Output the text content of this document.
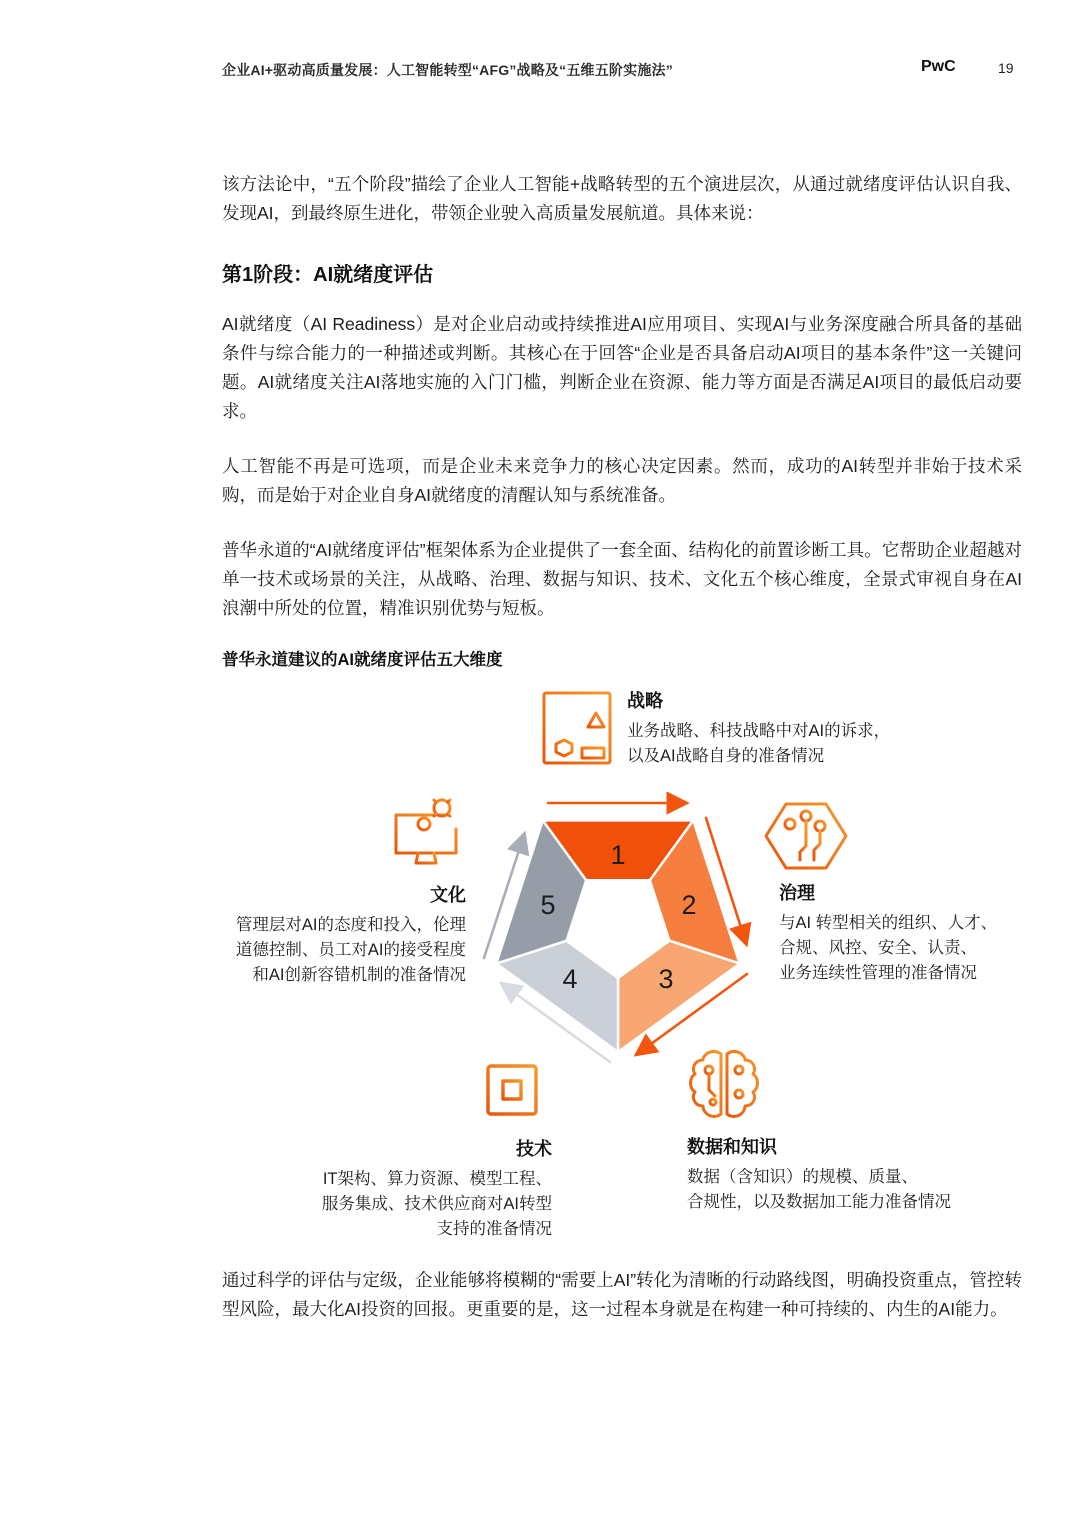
企业AI+驱动高质量发展：人工智能转型“AFG”战略及“五维五阶实施法”	PwC	19
该方法论中，“五个阶段”描绘了企业人工智能+战略转型的五个演进层次，从通过就绪度评估认识自我、发现AI，到最终原生进化，带领企业驶入高质量发展航道。具体来说：
第1阶段：AI就绪度评估
AI就绪度（AI Readiness）是对企业启动或持续推进AI应用项目、实现AI与业务深度融合所具备的基础条件与综合能力的一种描述或判断。其核心在于回答“企业是否具备启动AI项目的基本条件”这一关键问题。AI就绪度关注AI落地实施的入门门槛，判断企业在资源、能力等方面是否满足AI项目的最低启动要求。
人工智能不再是可选项，而是企业未来竞争力的核心决定因素。然而，成功的AI转型并非始于技术采购，而是始于对企业自身AI就绪度的清醒认知与系统准备。
普华永道的“AI就绪度评估”框架体系为企业提供了一套全面、结构化的前置诊断工具。它帮助企业超越对单一技术或场景的关注，从战略、治理、数据与知识、技术、文化五个核心维度，全景式审视自身在AI浪潮中所处的位置，精准识别优势与短板。
普华永道建议的AI就绪度评估五大维度
战略
业务战略、科技战略中对AI的诉求，
以及AI战略自身的准备情况
治理
与AI 转型相关的组织、人才、
合规、风控、安全、认责、
业务连续性管理的准备情况
文化
管理层对AI的态度和投入，伦理
道德控制、员工对AI的接受程度
和AI创新容错机制的准备情况
技术
IT架构、算力资源、模型工程、
服务集成、技术供应商对AI转型
支持的准备情况
数据和知识
数据（含知识）的规模、质量、
合规性，以及数据加工能力准备情况
1
2
3
4
5
通过科学的评估与定级，企业能够将模糊的“需要上AI”转化为清晰的行动路线图，明确投资重点，管控转型风险，最大化AI投资的回报。更重要的是，这一过程本身就是在构建一种可持续的、内生的AI能力。
